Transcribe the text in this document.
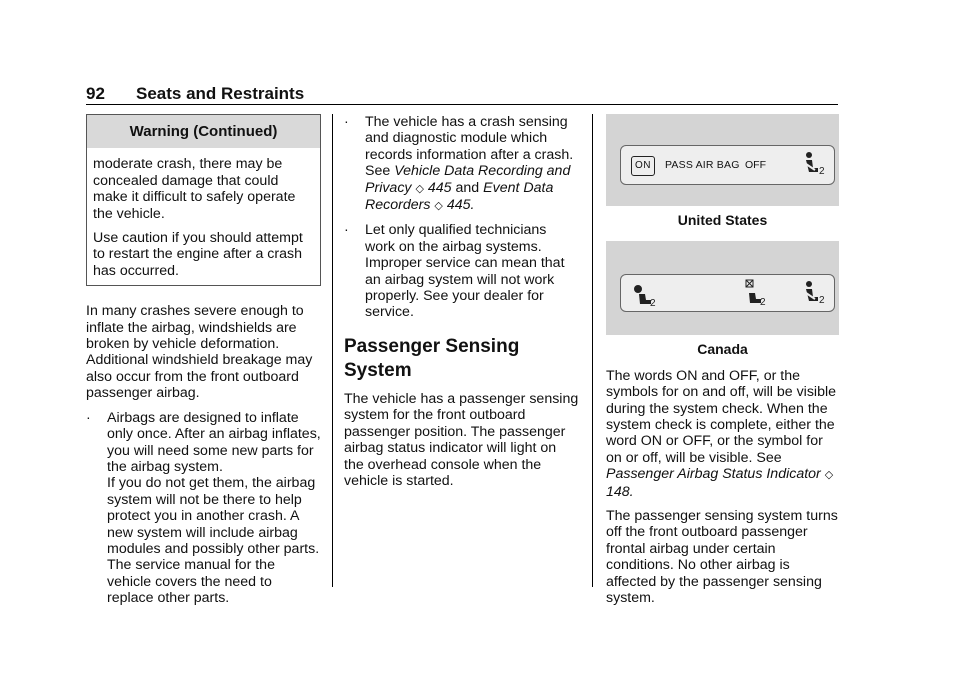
92 Seats and Restraints
Warning (Continued)

moderate crash, there may be concealed damage that could make it difficult to safely operate the vehicle.

Use caution if you should attempt to restart the engine after a crash has occurred.

In many crashes severe enough to inflate the airbag, windshields are broken by vehicle deformation. Additional windshield breakage may also occur from the front outboard passenger airbag.

· Airbags are designed to inflate only once. After an airbag inflates, you will need some new parts for the airbag system.
If you do not get them, the airbag system will not be there to help protect you in another crash. A new system will include airbag modules and possibly other parts. The service manual for the vehicle covers the need to replace other parts.
· The vehicle has a crash sensing and diagnostic module which records information after a crash.
See Vehicle Data Recording and Privacy ◇ 445 and Event Data Recorders ◇ 445.
· Let only qualified technicians work on the airbag systems. Improper service can mean that an airbag system will not work properly. See your dealer for service.
Passenger Sensing System

The vehicle has a passenger sensing system for the front outboard passenger position. The passenger airbag status indicator will light on the overhead console when the vehicle is started.

ON	PASS AIR BAG OFF
2
United States
2	2	2
Canada

The words ON and OFF, or the symbols for on and off, will be visible during the system check. When the system check is complete, either the word ON or OFF, or the symbol for on or off, will be visible. See Passenger Airbag Status Indicator ◇ 148.

The passenger sensing system turns off the front outboard passenger frontal airbag under certain conditions. No other airbag is affected by the passenger sensing system.
